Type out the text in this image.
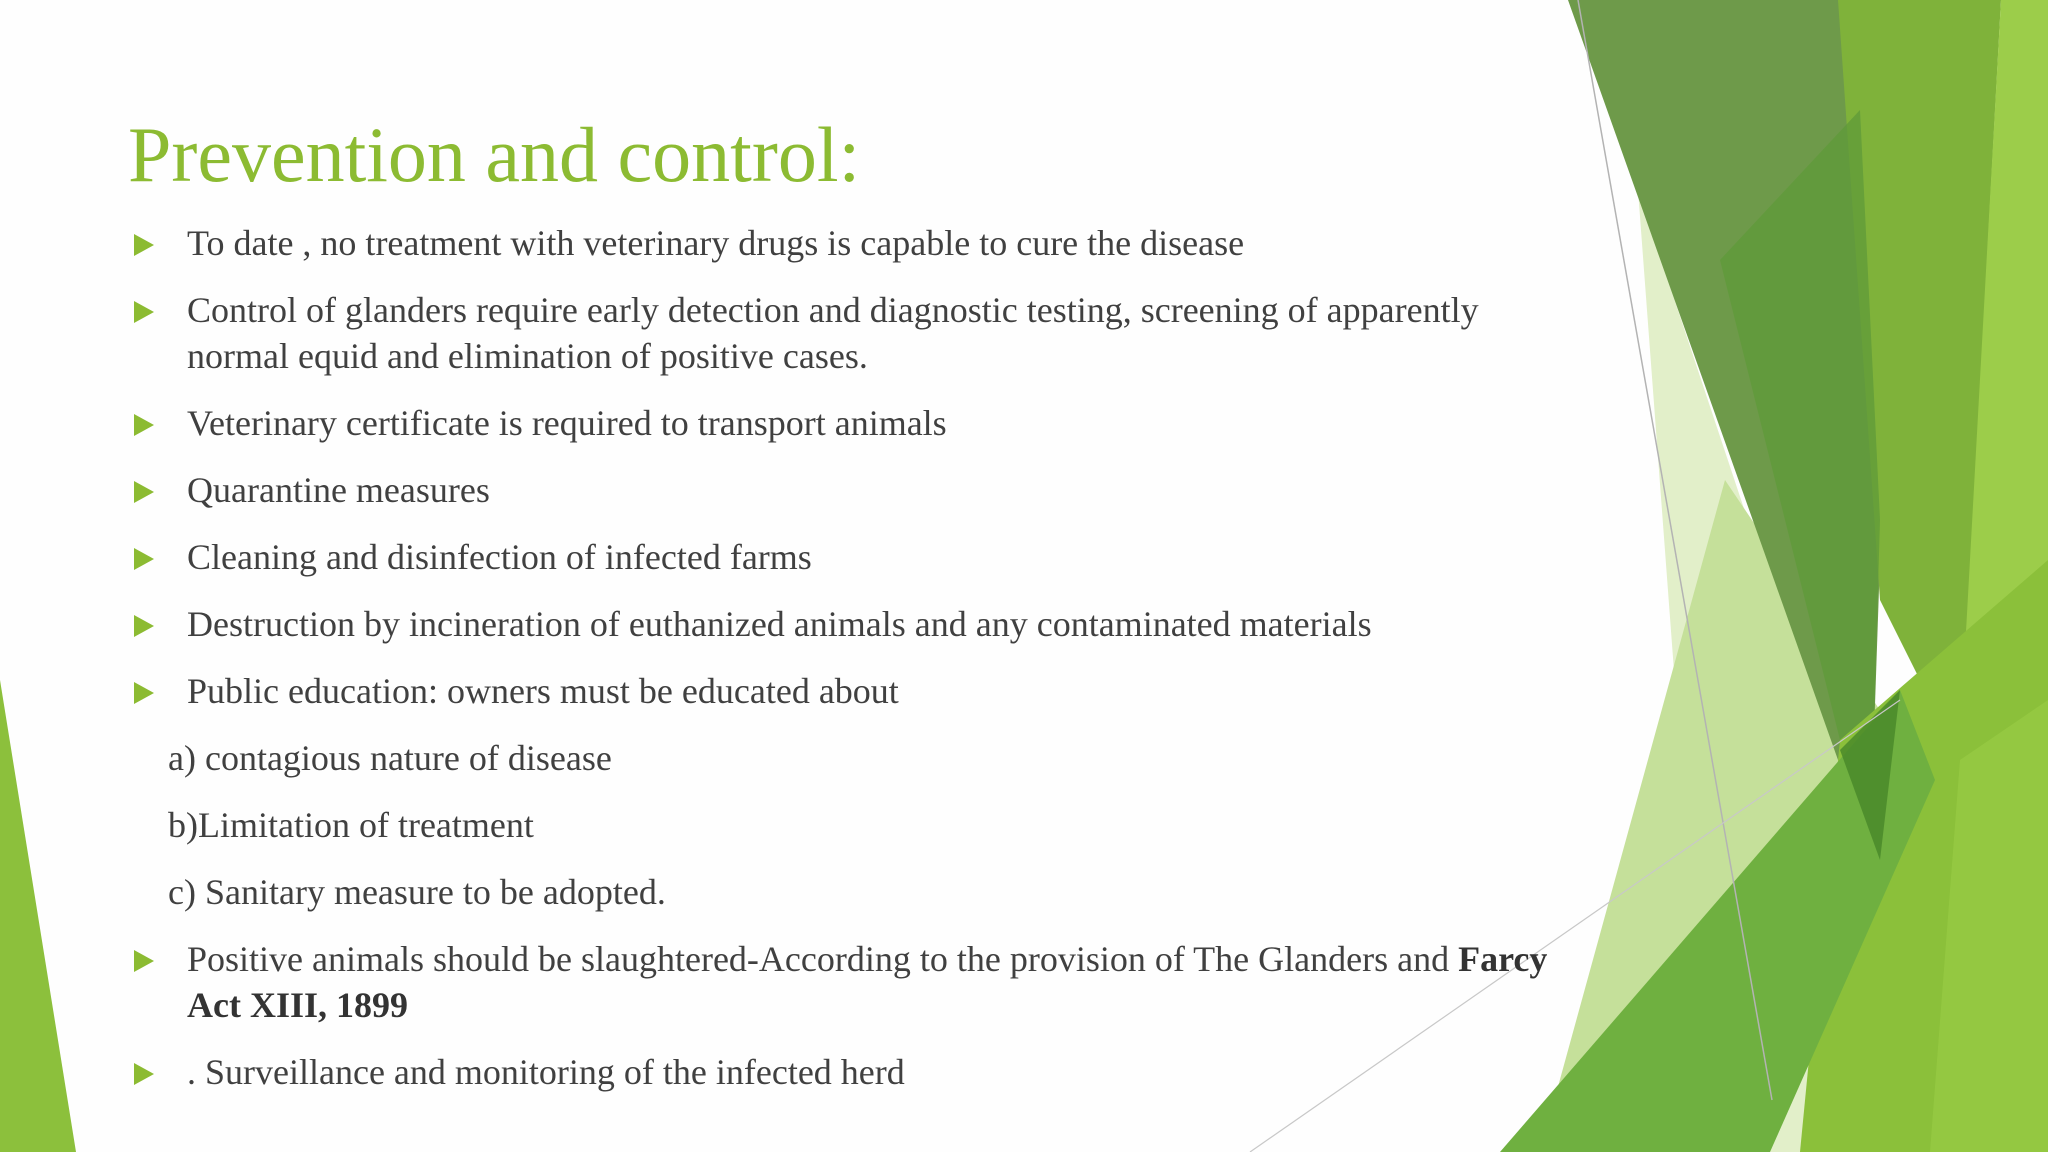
Prevention and control:
To date , no treatment with veterinary drugs is capable to cure the disease
Control of glanders require early detection and diagnostic testing, screening of apparently normal equid and elimination of positive cases.
Veterinary certificate is required to transport animals
Quarantine measures
Cleaning and disinfection of infected farms
Destruction by incineration of euthanized animals and any contaminated materials
Public education: owners must be educated about
a) contagious nature of disease
b)Limitation of treatment
c) Sanitary measure to be adopted.
Positive animals should be slaughtered-According to the provision of The Glanders and Farcy Act XIII, 1899
. Surveillance and monitoring of the infected herd
